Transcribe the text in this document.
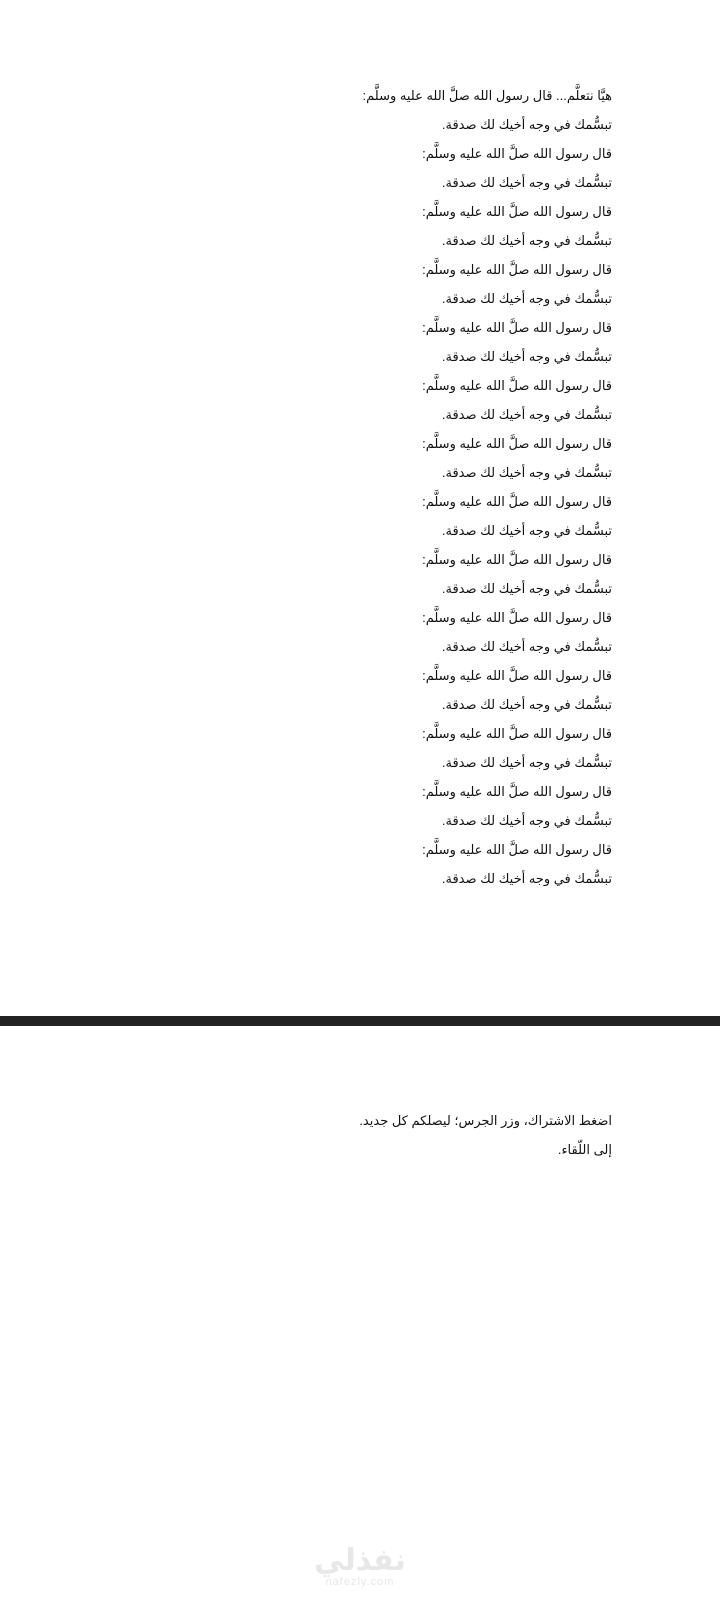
هيَّا نتعلَّم... قال رسول الله صلَّ الله عليه وسلَّم:
تبسُّمك في وجه أخيك لك صدقة.
قال رسول الله صلَّ الله عليه وسلَّم:
تبسُّمك في وجه أخيك لك صدقة.
قال رسول الله صلَّ الله عليه وسلَّم:
تبسُّمك في وجه أخيك لك صدقة.
قال رسول الله صلَّ الله عليه وسلَّم:
تبسُّمك في وجه أخيك لك صدقة.
قال رسول الله صلَّ الله عليه وسلَّم:
تبسُّمك في وجه أخيك لك صدقة.
قال رسول الله صلَّ الله عليه وسلَّم:
تبسُّمك في وجه أخيك لك صدقة.
قال رسول الله صلَّ الله عليه وسلَّم:
تبسُّمك في وجه أخيك لك صدقة.
قال رسول الله صلَّ الله عليه وسلَّم:
تبسُّمك في وجه أخيك لك صدقة.
قال رسول الله صلَّ الله عليه وسلَّم:
تبسُّمك في وجه أخيك لك صدقة.
قال رسول الله صلَّ الله عليه وسلَّم:
تبسُّمك في وجه أخيك لك صدقة.
قال رسول الله صلَّ الله عليه وسلَّم:
تبسُّمك في وجه أخيك لك صدقة.
قال رسول الله صلَّ الله عليه وسلَّم:
تبسُّمك في وجه أخيك لك صدقة.
قال رسول الله صلَّ الله عليه وسلَّم:
تبسُّمك في وجه أخيك لك صدقة.
قال رسول الله صلَّ الله عليه وسلَّم:
تبسُّمك في وجه أخيك لك صدقة.
اضغط الاشتراك، وزر الجرس؛ ليصلكم كل جديد.
إلى اللّقاء.
نفذلي
nafezly.com
